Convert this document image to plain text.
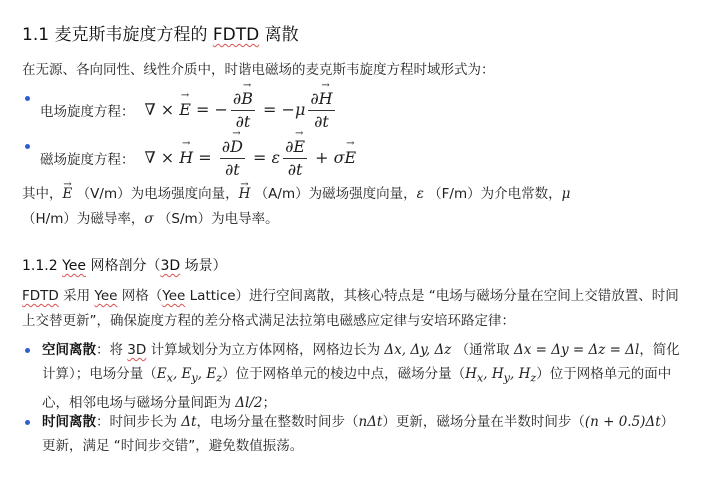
1.1 麦克斯韦旋度方程的 FDTD 离散
在无源、各向同性、线性介质中，时谐电磁场的麦克斯韦旋度方程时域形式为：
电场旋度方程： ∇ × → E = − $\frac{\partial\to B}{\partial t} = -\mu \frac{\partial\to H}{\partial t}$
磁场旋度方程： ∇ × → $H = \frac{\partial\to D}{\partial t} = \varepsilon \frac{\partial\to E}{\partial t} + \sigma\to E$
其中，→ E （V/m）为电场强度向量，→ H （A/m）为磁场强度向量，ε （F/m）为介电常数，μ
（H/m）为磁导率，σ （S/m）为电导率。
1.1.2 Yee 网格剖分（3D 场景）
FDTD 采用 Yee 网格（Yee Lattice）进行空间离散，其核心特点是 “电场与磁场分量在空间上交错放置、时间上交替更新”，确保旋度方程的差分格式满足法拉第电磁感应定律与安培环路定律：
空间离散：将 3D 计算域划分为立方体网格，网格边长为 Δx, Δy, Δz （通常取 Δx = Δy = Δz = Δl，简化计算）；电场分量（$E_x$, $E_y$, $E_z$）位于网格单元的棱边中点，磁场分量（$H_x$, $H_y$, $H_z$）位于网格单元的面中心，相邻电场与磁场分量间距为 Δl/2；
时间离散：时间步长为 Δt，电场分量在整数时间步（nΔt）更新，磁场分量在半数时间步（(n + 0.5)Δt）更新，满足 “时间步交错”，避免数值振荡。
